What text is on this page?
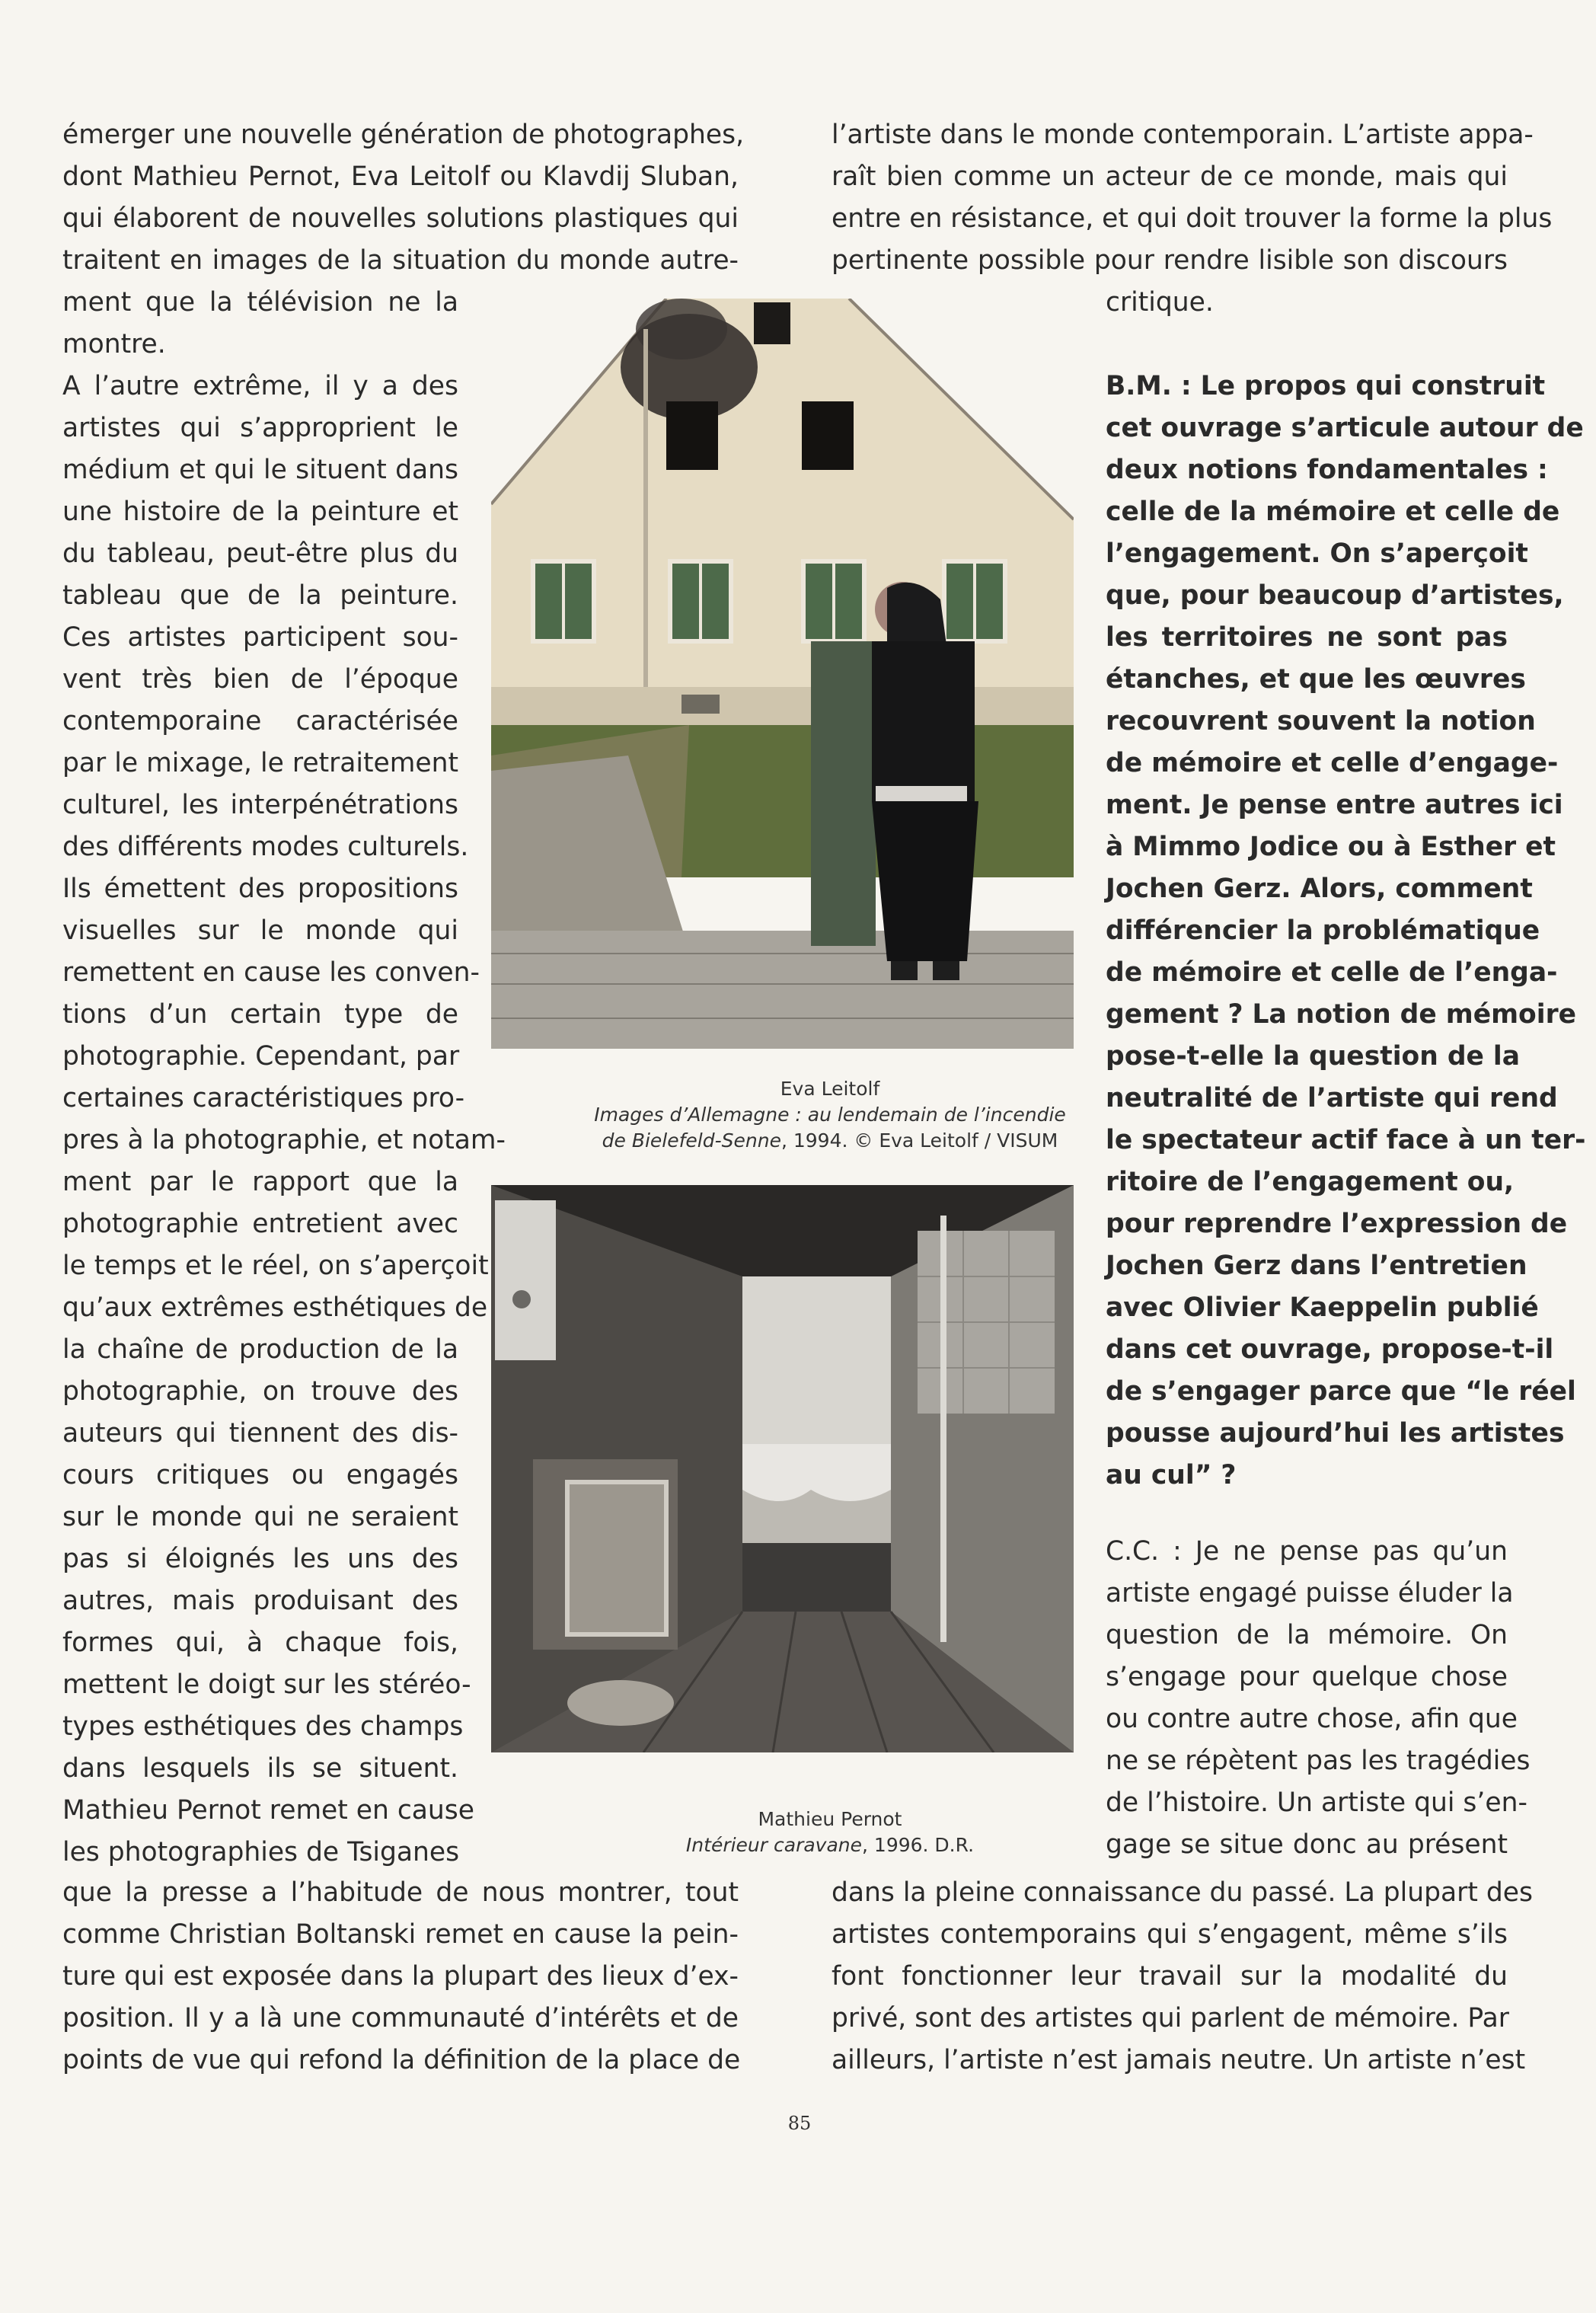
émerger une nouvelle génération de photographes,
dont Mathieu Pernot, Eva Leitolf ou Klavdij Sluban,
qui élaborent de nouvelles solutions plastiques qui
traitent en images de la situation du monde autre-
ment que la télévision ne la
montre.
A l’autre extrême, il y a des
artistes qui s’approprient le
médium et qui le situent dans
une histoire de la peinture et
du tableau, peut-être plus du
tableau que de la peinture.
Ces artistes participent sou-
vent très bien de l’époque
contemporaine caractérisée
par le mixage, le retraitement
culturel, les interpénétrations
des différents modes culturels.
Ils émettent des propositions
visuelles sur le monde qui
remettent en cause les conven-
tions d’un certain type de
photographie. Cependant, par
certaines caractéristiques pro-
pres à la photographie, et notam-
ment par le rapport que la
photographie entretient avec
le temps et le réel, on s’aperçoit
qu’aux extrêmes esthétiques de
la chaîne de production de la
photographie, on trouve des
auteurs qui tiennent des dis-
cours critiques ou engagés
sur le monde qui ne seraient
pas si éloignés les uns des
autres, mais produisant des
formes qui, à chaque fois,
mettent le doigt sur les stéréo-
types esthétiques des champs
dans lesquels ils se situent.
Mathieu Pernot remet en cause
les photographies de Tsiganes
que la presse a l’habitude de nous montrer, tout
comme Christian Boltanski remet en cause la pein-
ture qui est exposée dans la plupart des lieux d’ex-
position. Il y a là une communauté d’intérêts et de
points de vue qui refond la définition de la place de
l’artiste dans le monde contemporain. L’artiste appa-
raît bien comme un acteur de ce monde, mais qui
entre en résistance, et qui doit trouver la forme la plus
pertinente possible pour rendre lisible son discours
critique.
B.M. : Le propos qui construit
cet ouvrage s’articule autour de
deux notions fondamentales :
celle de la mémoire et celle de
l’engagement. On s’aperçoit
que, pour beaucoup d’artistes,
les territoires ne sont pas
étanches, et que les œuvres
recouvrent souvent la notion
de mémoire et celle d’engage-
ment. Je pense entre autres ici
à Mimmo Jodice ou à Esther et
Jochen Gerz. Alors, comment
différencier la problématique
de mémoire et celle de l’enga-
gement ? La notion de mémoire
pose-t-elle la question de la
neutralité de l’artiste qui rend
le spectateur actif face à un ter-
ritoire de l’engagement ou,
pour reprendre l’expression de
Jochen Gerz dans l’entretien
avec Olivier Kaeppelin publié
dans cet ouvrage, propose-t-il
de s’engager parce que “le réel
pousse aujourd’hui les artistes
au cul” ?
C.C. : Je ne pense pas qu’un
artiste engagé puisse éluder la
question de la mémoire. On
s’engage pour quelque chose
ou contre autre chose, afin que
ne se répètent pas les tragédies
de l’histoire. Un artiste qui s’en-
gage se situe donc au présent
dans la pleine connaissance du passé. La plupart des
artistes contemporains qui s’engagent, même s’ils
font fonctionner leur travail sur la modalité du
privé, sont des artistes qui parlent de mémoire. Par
ailleurs, l’artiste n’est jamais neutre. Un artiste n’est
Eva Leitolf
Images d’Allemagne : au lendemain de l’incendie
de Bielefeld-Senne, 1994. © Eva Leitolf / VISUM
Mathieu Pernot
Intérieur caravane, 1996. D.R.
85
